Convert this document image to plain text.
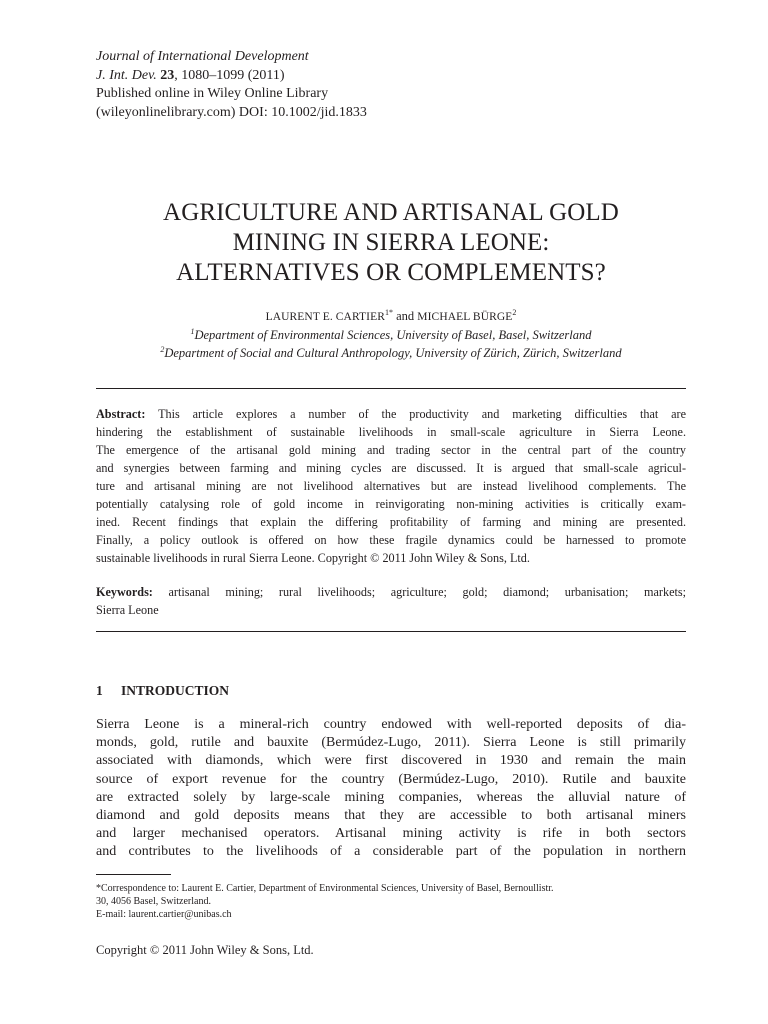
Journal of International Development
J. Int. Dev. 23, 1080–1099 (2011)
Published online in Wiley Online Library
(wileyonlinelibrary.com) DOI: 10.1002/jid.1833
AGRICULTURE AND ARTISANAL GOLD
MINING IN SIERRA LEONE:
ALTERNATIVES OR COMPLEMENTS?
LAURENT E. $CARTIER^{1*}$ and MICHAEL BÜRGE$^2$
$^1$Department of Environmental Sciences, University of Basel, Basel, Switzerland
$^2$Department of Social and Cultural Anthropology, University of Zürich, Zürich, Switzerland
Abstract: This article explores a number of the productivity and marketing difficulties that are
hindering the establishment of sustainable livelihoods in small-scale agriculture in Sierra Leone.
The emergence of the artisanal gold mining and trading sector in the central part of the country
and synergies between farming and mining cycles are discussed. It is argued that small-scale agricul-
ture and artisanal mining are not livelihood alternatives but are instead livelihood complements. The
potentially catalysing role of gold income in reinvigorating non-mining activities is critically exam-
ined. Recent findings that explain the differing profitability of farming and mining are presented.
Finally, a policy outlook is offered on how these fragile dynamics could be harnessed to promote
sustainable livelihoods in rural Sierra Leone. Copyright © 2011 John Wiley & Sons, Ltd.
Keywords: artisanal mining; rural livelihoods; agriculture; gold; diamond; urbanisation; markets;
Sierra Leone
1 INTRODUCTION
Sierra Leone is a mineral-rich country endowed with well-reported deposits of dia-
monds, gold, rutile and bauxite (Bermúdez-Lugo, 2011). Sierra Leone is still primarily
associated with diamonds, which were first discovered in 1930 and remain the main
source of export revenue for the country (Bermúdez-Lugo, 2010). Rutile and bauxite
are extracted solely by large-scale mining companies, whereas the alluvial nature of
diamond and gold deposits means that they are accessible to both artisanal miners
and larger mechanised operators. Artisanal mining activity is rife in both sectors
and contributes to the livelihoods of a considerable part of the population in northern
*Correspondence to: Laurent E. Cartier, Department of Environmental Sciences, University of Basel, Bernoullistr.
30, 4056 Basel, Switzerland.
E-mail: laurent.cartier@unibas.ch
Copyright © 2011 John Wiley & Sons, Ltd.
